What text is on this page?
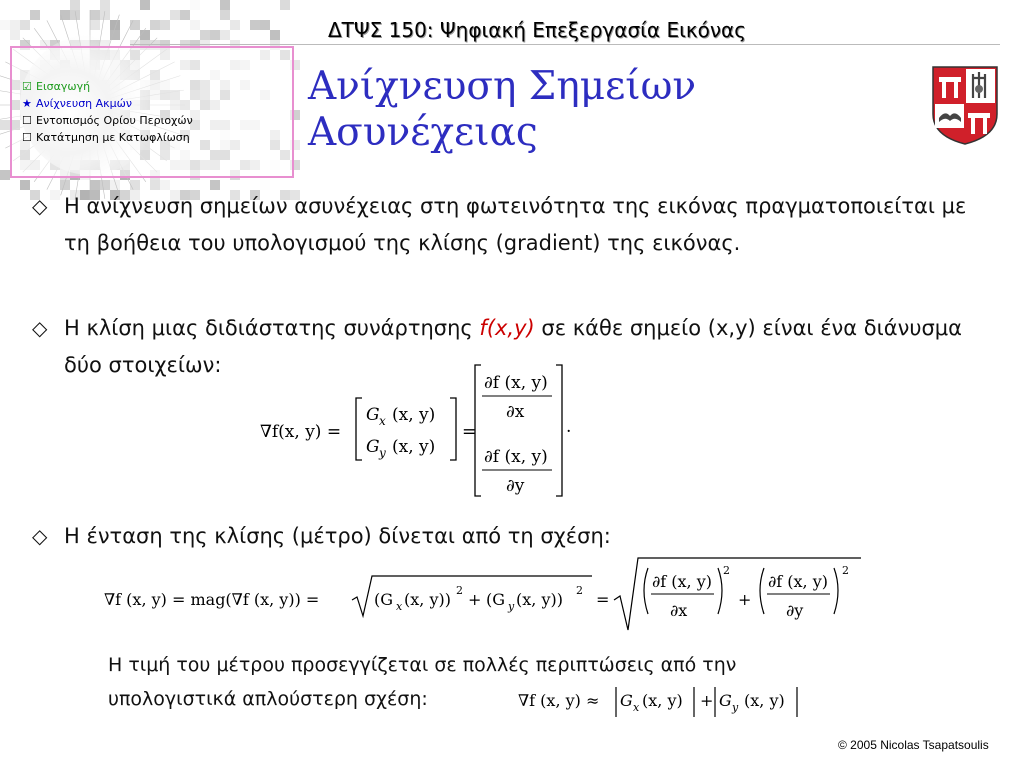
ΔΤΨΣ 150: Ψηφιακή Επεξεργασία Εικόνας
☑ Εισαγωγή
★ Ανίχνευση Ακμών
☐ Εντοπισμός Ορίου Περιοχών
☐ Κατάτμηση με Κατωφλίωση
Ανίχνευση Σημείων
Ασυνέχειας
◇ Η ανίχνευση σημείων ασυνέχειας στη φωτεινότητα της εικόνας πραγματοποιείται με τη βοήθεια του υπολογισμού της κλίσης (gradient) της εικόνας.
◇ Η κλίση μιας διδιάστατης συνάρτησης f(x,y) σε κάθε σημείο (x,y) είναι ένα διάνυσμα δύο στοιχείων:
∇f(x, y) =
G x (x, y)
G y (x, y)
=
∂f (x, y)
∂x
∂f (x, y)
∂y
.
◇ Η ένταση της κλίσης (μέτρο) δίνεται από τη σχέση:
∇f (x, y) = mag(∇f (x, y)) =	(G x (x, y)) 2 + (G y (x, y)) 2 =
∂f (x, y)
∂x
2
+
∂f (x, y)
∂y
2
Η τιμή του μέτρου προσεγγίζεται σε πολλές περιπτώσεις από την
υπολογιστικά απλούστερη σχέση:	∇f (x, y) ≈ G x (x, y) + G y (x, y)
© 2005 Nicolas Tsapatsoulis
